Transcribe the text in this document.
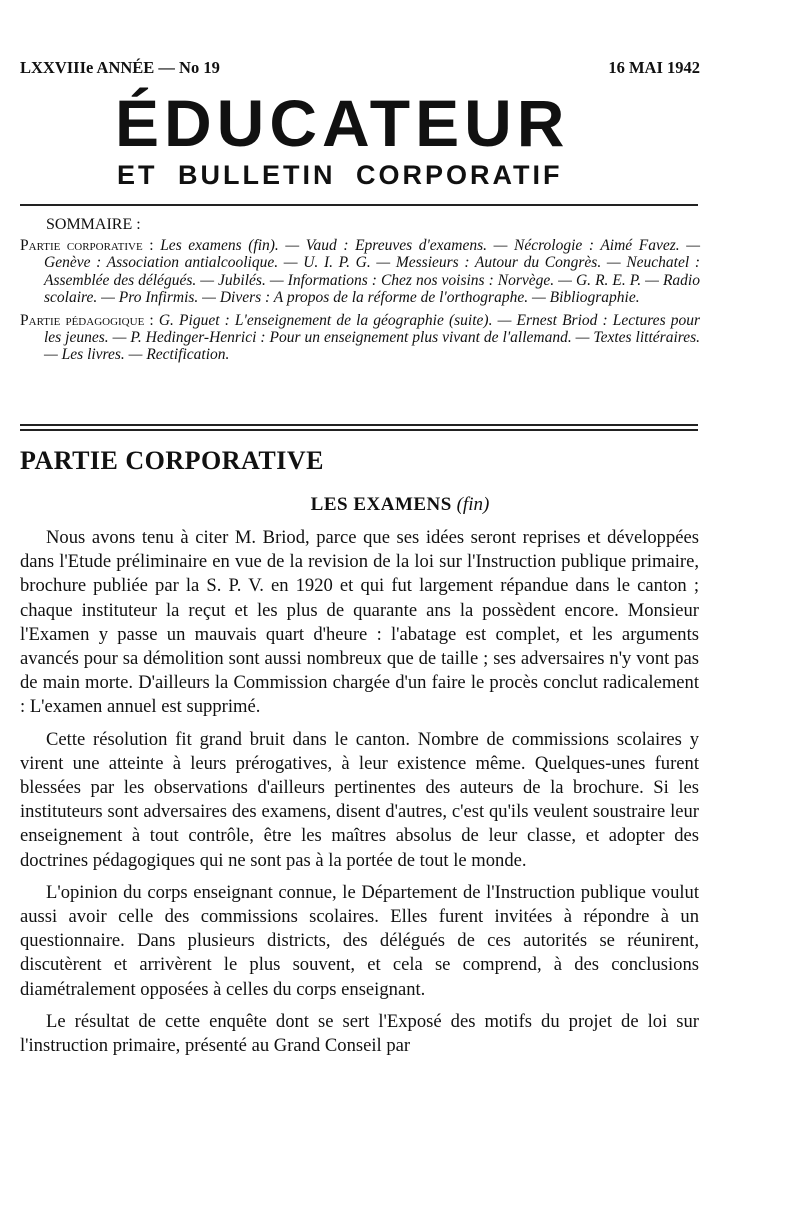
LXXVIIIe ANNÉE — No 19	16 MAI 1942
ÉDUCATEUR
ET BULLETIN CORPORATIF
SOMMAIRE :

Partie corporative : Les examens (fin). — Vaud : Epreuves d'examens. — Nécrologie : Aimé Favez. — Genève : Association antialcoolique. — U. I. P. G. — Messieurs : Autour du Congrès. — Neuchatel : Assemblée des délégués. — Jubilés. — Informations : Chez nos voisins : Norvège. — G. R. E. P. — Radio scolaire. — Pro Infirmis. — Divers : A propos de la réforme de l'orthographe. — Bibliographie.

Partie pédagogique : G. Piguet : L'enseignement de la géographie (suite). — Ernest Briod : Lectures pour les jeunes. — P. Hedinger-Henrici : Pour un enseignement plus vivant de l'allemand. — Textes littéraires. — Les livres. — Rectification.

PARTIE CORPORATIVE
LES EXAMENS (fin)

Nous avons tenu à citer M. Briod, parce que ses idées seront reprises et développées dans l'Etude préliminaire en vue de la revision de la loi sur l'Instruction publique primaire, brochure publiée par la S. P. V. en 1920 et qui fut largement répandue dans le canton ; chaque instituteur la reçut et les plus de quarante ans la possèdent encore. Monsieur l'Examen y passe un mauvais quart d'heure : l'abatage est complet, et les arguments avancés pour sa démolition sont aussi nombreux que de taille ; ses adversaires n'y vont pas de main morte. D'ailleurs la Commission chargée d'un faire le procès conclut radicalement : L'examen annuel est supprimé.

Cette résolution fit grand bruit dans le canton. Nombre de commissions scolaires y virent une atteinte à leurs prérogatives, à leur existence même. Quelques-unes furent blessées par les observations d'ailleurs pertinentes des auteurs de la brochure. Si les instituteurs sont adversaires des examens, disent d'autres, c'est qu'ils veulent soustraire leur enseignement à tout contrôle, être les maîtres absolus de leur classe, et adopter des doctrines pédagogiques qui ne sont pas à la portée de tout le monde.

L'opinion du corps enseignant connue, le Département de l'Instruction publique voulut aussi avoir celle des commissions scolaires. Elles furent invitées à répondre à un questionnaire. Dans plusieurs districts, des délégués de ces autorités se réunirent, discutèrent et arrivèrent le plus souvent, et cela se comprend, à des conclusions diamétralement opposées à celles du corps enseignant.

Le résultat de cette enquête dont se sert l'Exposé des motifs du projet de loi sur l'instruction primaire, présenté au Grand Conseil par
